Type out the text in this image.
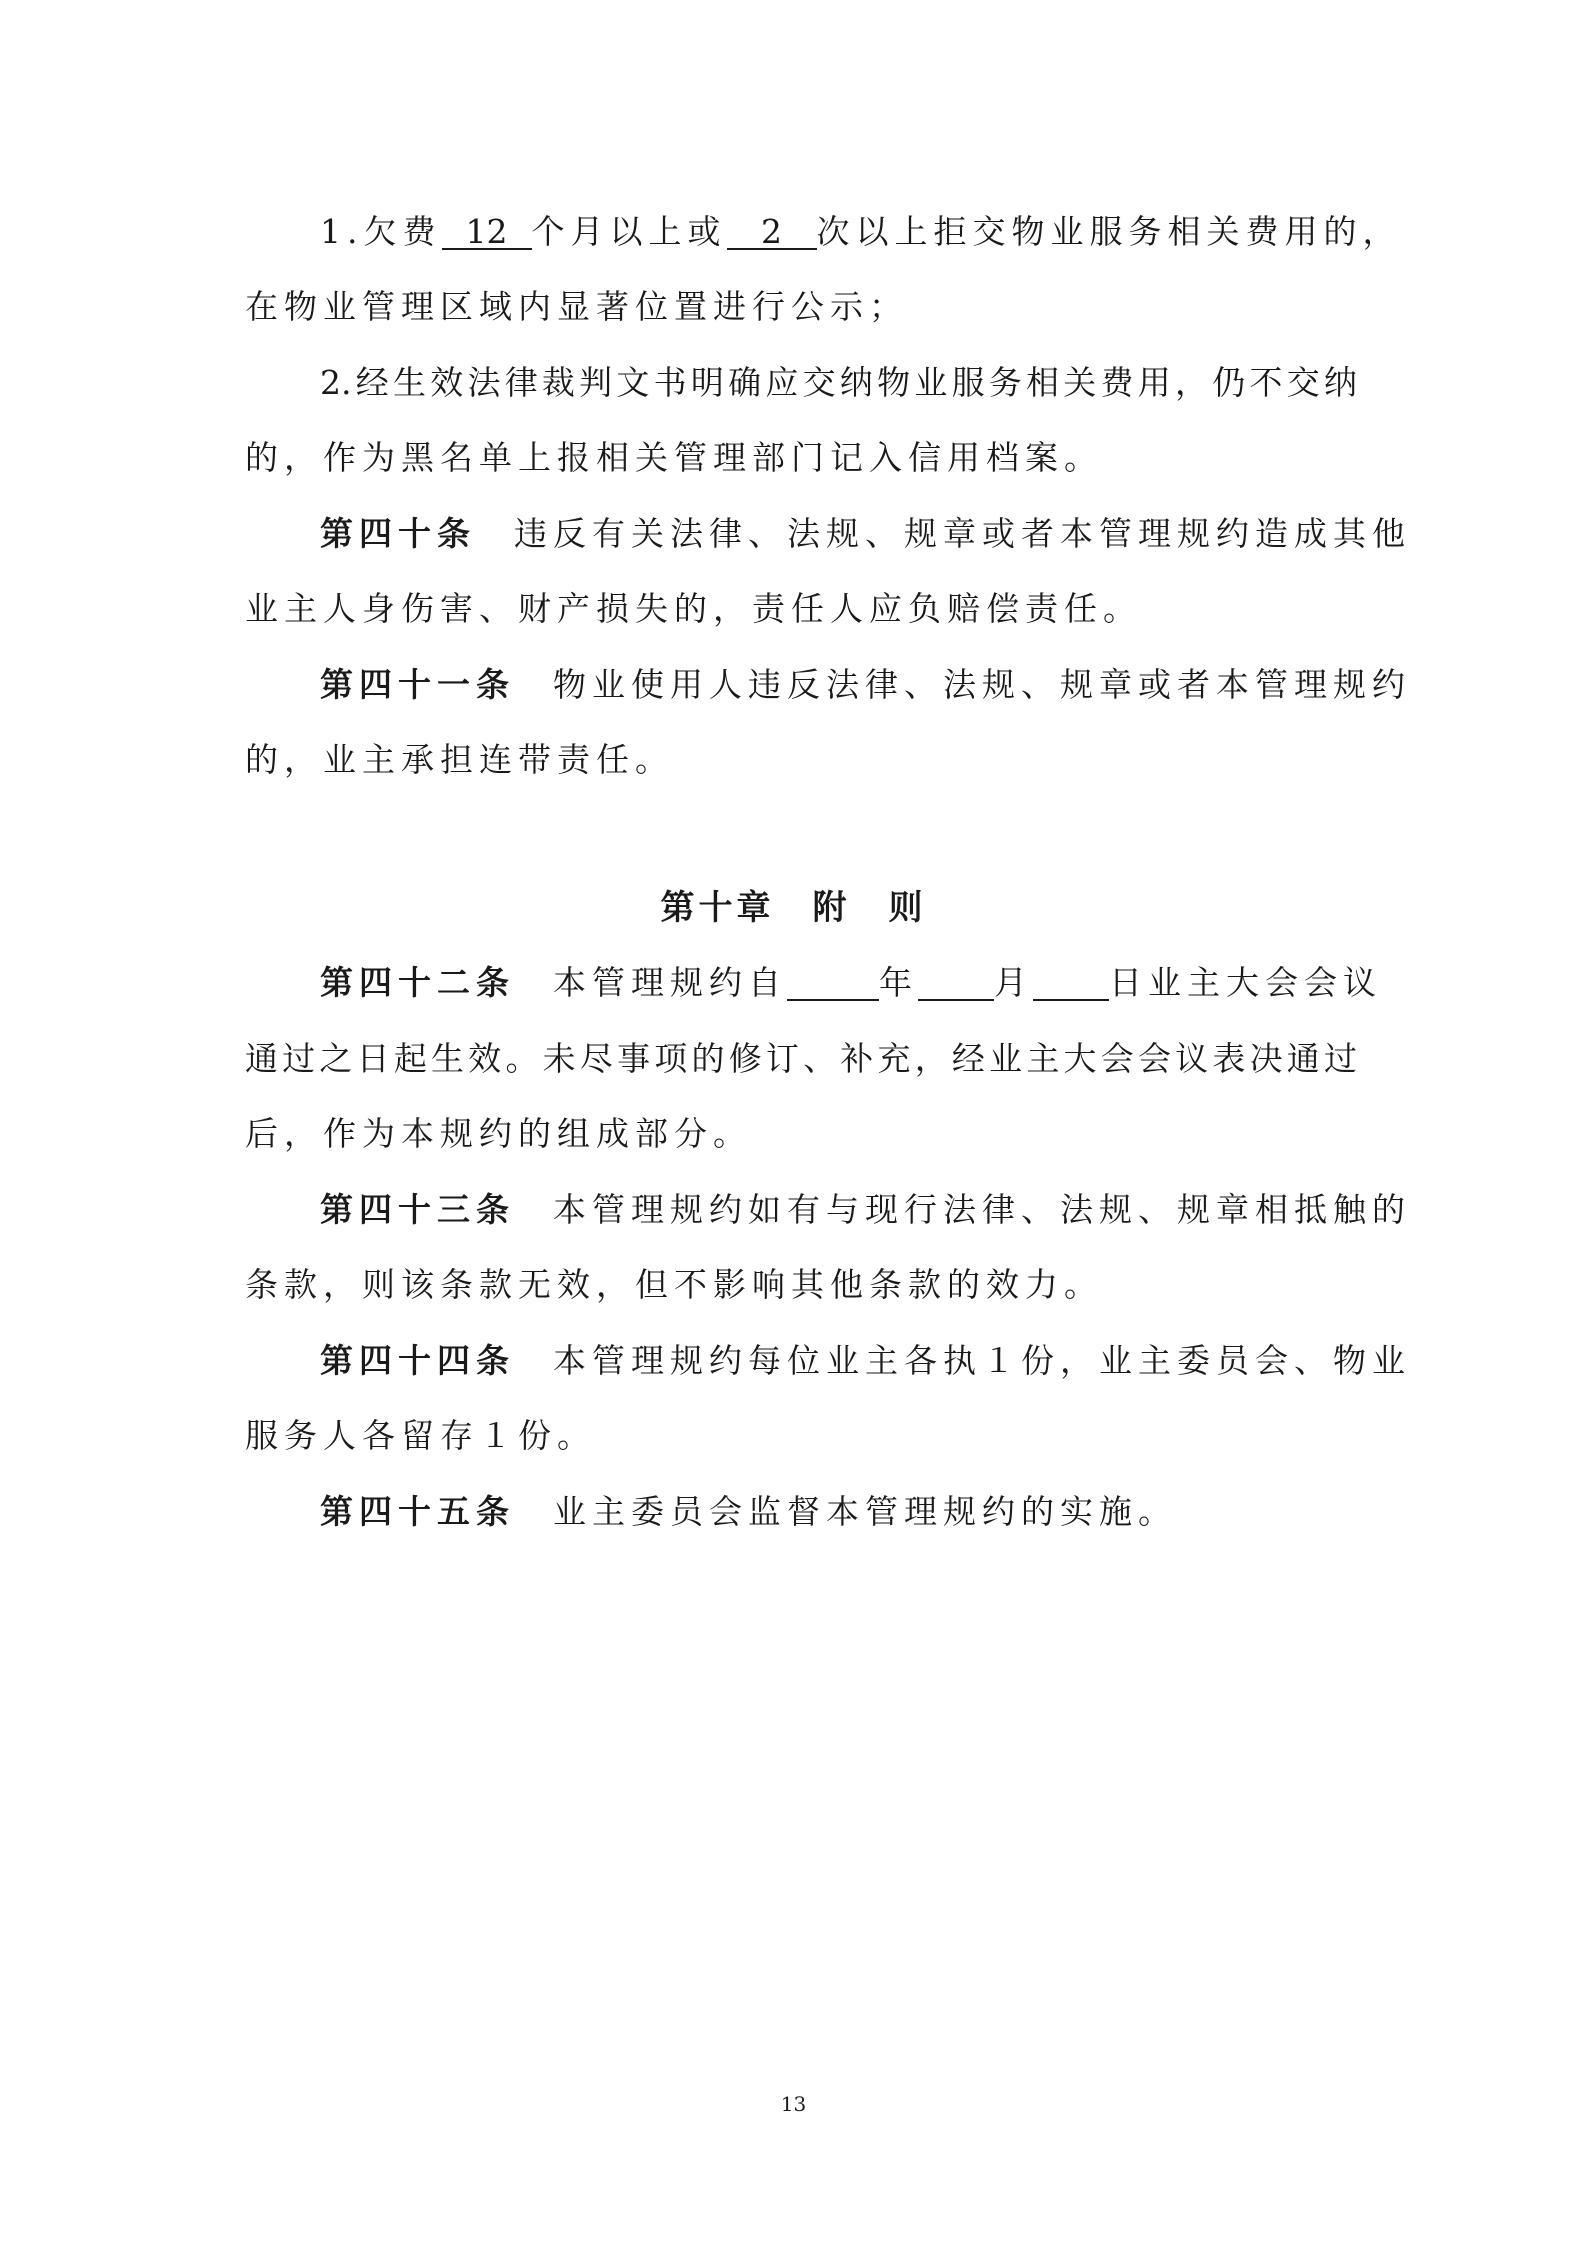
1.欠费 12 个月以上或 2 次以上拒交物业服务相关费用的，
在物业管理区域内显著位置进行公示；
2.经生效法律裁判文书明确应交纳物业服务相关费用，仍不交纳
的，作为黑名单上报相关管理部门记入信用档案。
第四十条 违反有关法律、法规、规章或者本管理规约造成其他
业主人身伤害、财产损失的，责任人应负赔偿责任。
第四十一条 物业使用人违反法律、法规、规章或者本管理规约
的，业主承担连带责任。
第十章　附　则
第四十二条 本管理规约自	年 月 日业主大会会议
通过之日起生效。未尽事项的修订、补充，经业主大会会议表决通过
后，作为本规约的组成部分。
第四十三条 本管理规约如有与现行法律、法规、规章相抵触的
条款，则该条款无效，但不影响其他条款的效力。
第四十四条 本管理规约每位业主各执１份，业主委员会、物业
服务人各留存１份。
第四十五条 业主委员会监督本管理规约的实施。
13
